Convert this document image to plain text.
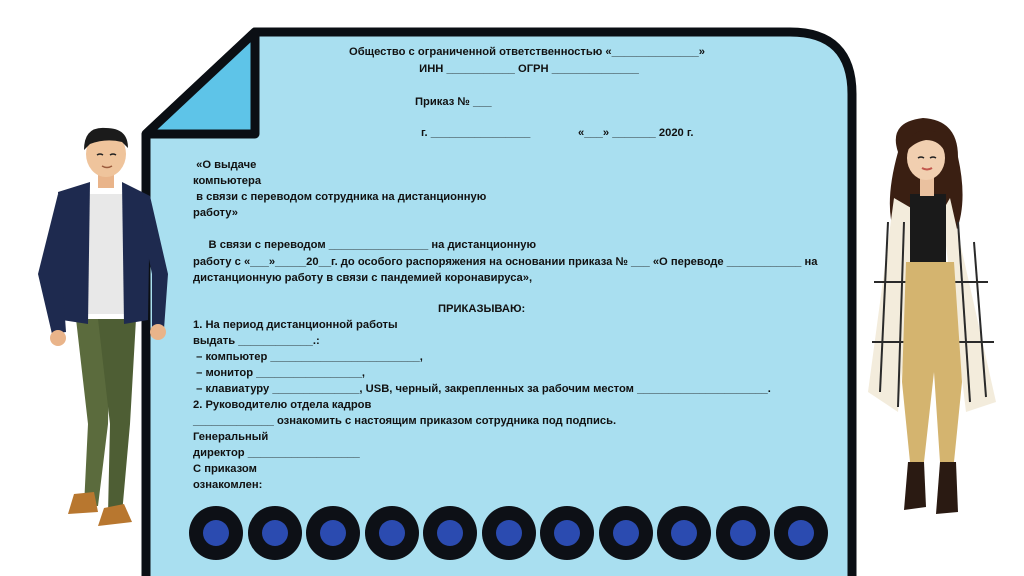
Общество с ограниченной ответственностью «______________»
ИНН ___________ ОГРН ______________
Приказ № ___
г. ________________	«___» _______ 2020 г.
«О выдаче
компьютера
в связи с переводом сотрудника на дистанционную
работу»
В связи с переводом ________________ на дистанционную
работу с «___»_____20__г. до особого распоряжения на основании приказа № ___ «О переводе ____________ на
дистанционную работу в связи с пандемией коронавируса»,
ПРИКАЗЫВАЮ:
1. На период дистанционной работы
выдать ____________.:
– компьютер ________________________,
– монитор _________________,
– клавиатуру ______________, USB, черный, закрепленных за рабочим местом _____________________.
2. Руководителю отдела кадров
_____________ ознакомить с настоящим приказом сотрудника под подпись.
Генеральный
директор __________________
С приказом
ознакомлен:
